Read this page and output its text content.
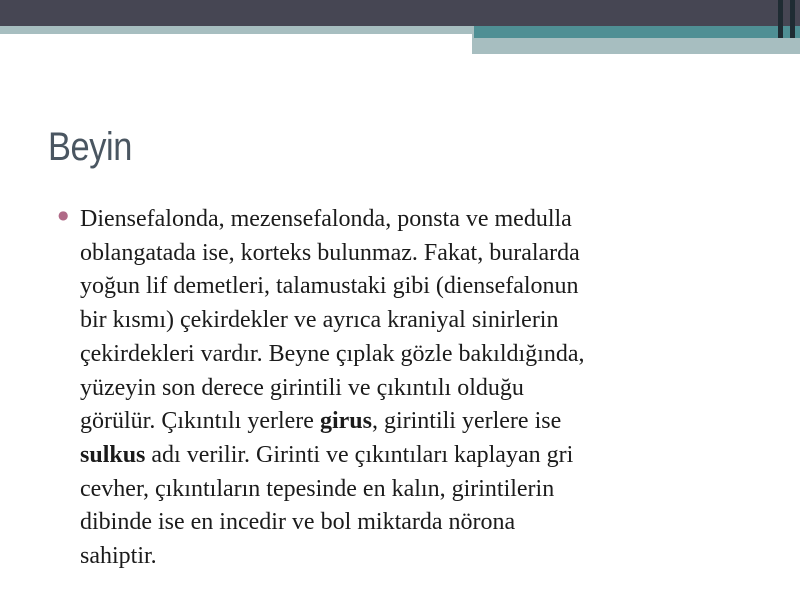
Beyin
● Diensefalonda, mezensefalonda, ponsta ve medulla
oblangatada ise, korteks bulunmaz. Fakat, buralarda
yoğun lif demetleri, talamustaki gibi (diensefalonun
bir kısmı) çekirdekler ve ayrıca kraniyal sinirlerin
çekirdekleri vardır. Beyne çıplak gözle bakıldığında,
yüzeyin son derece girintili ve çıkıntılı olduğu
görülür. Çıkıntılı yerlere girus, girintili yerlere ise
sulkus adı verilir. Girinti ve çıkıntıları kaplayan gri
cevher, çıkıntıların tepesinde en kalın, girintilerin
dibinde ise en incedir ve bol miktarda nörona
sahiptir.
